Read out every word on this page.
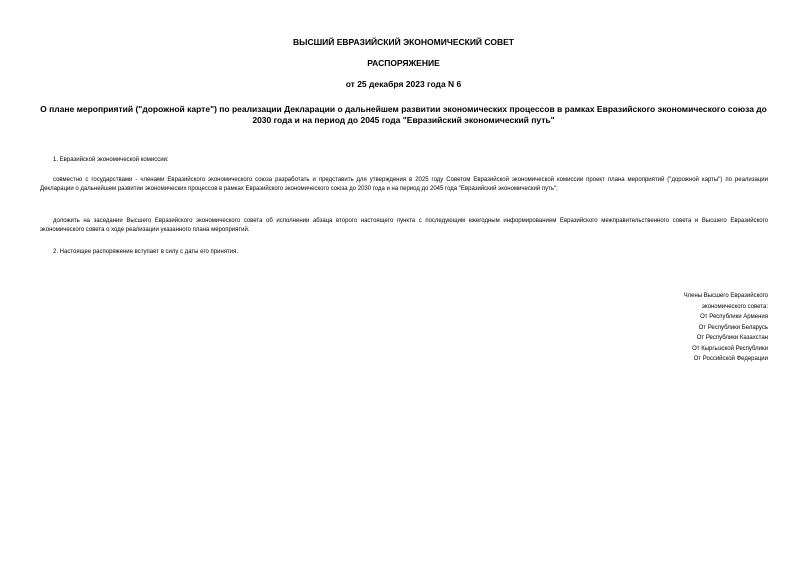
ВЫСШИЙ ЕВРАЗИЙСКИЙ ЭКОНОМИЧЕСКИЙ СОВЕТ
РАСПОРЯЖЕНИЕ
от 25 декабря 2023 года N 6
О плане мероприятий ("дорожной карте") по реализации Декларации о дальнейшем развитии экономических процессов в рамках Евразийского экономического союза до 2030 года и на период до 2045 года "Евразийский экономический путь"
1. Евразийской экономической комиссии:
совместно с государствами - членами Евразийского экономического союза разработать и представить для утверждения в 2025 году Советом Евразийской экономической комиссии проект плана мероприятий ("дорожной карты") по реализации Декларации о дальнейшем развитии экономических процессов в рамках Евразийского экономического союза до 2030 года и на период до 2045 года "Евразийский экономический путь";
доложить на заседании Высшего Евразийского экономического совета об исполнении абзаца второго настоящего пункта с последующим ежегодным информированием Евразийского межправительственного совета и Высшего Евразийского экономического совета о ходе реализации указанного плана мероприятий.
2. Настоящее распоряжение вступает в силу с даты его принятия.
Члены Высшего Евразийского
экономического совета:
От Республики Армения
От Республики Беларусь
От Республики Казахстан
От Кыргызской Республики
От Российской Федерации
